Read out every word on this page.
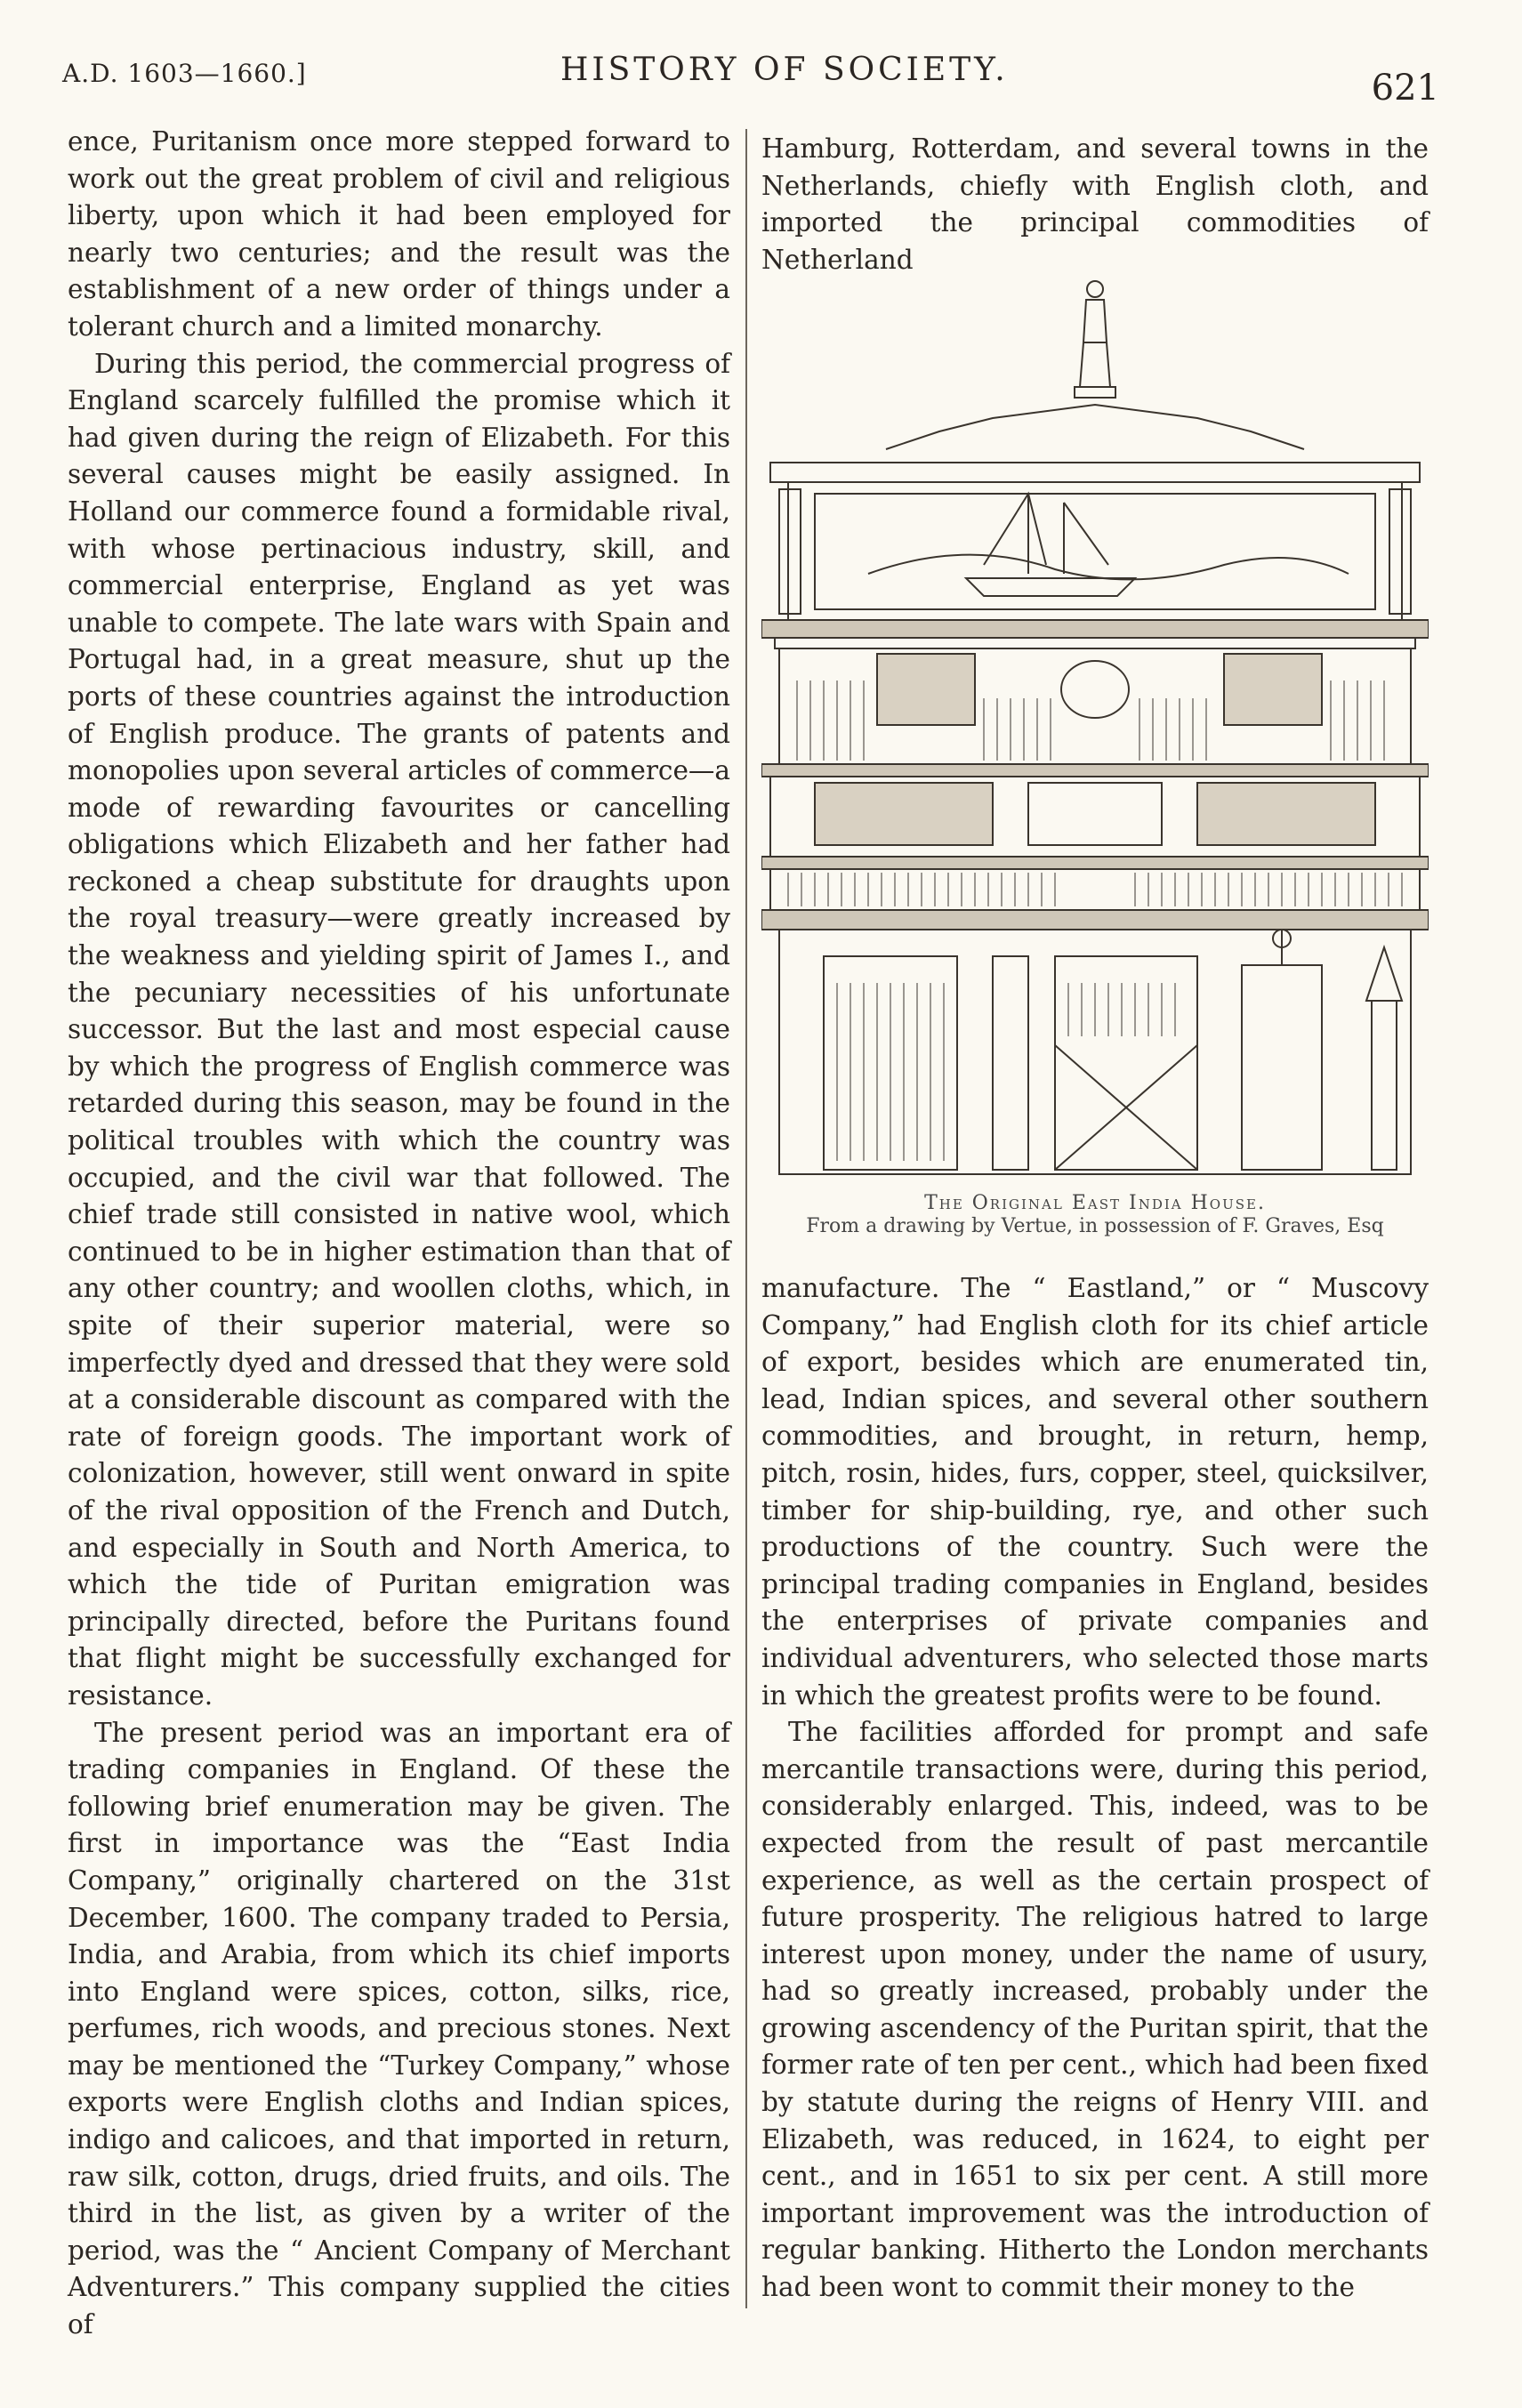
A.D. 1603—1660.]	HISTORY OF SOCIETY.	621

ence, Puritanism once more stepped forward to work out the great problem of civil and religious liberty, upon which it had been employed for nearly two centuries; and the result was the establishment of a new order of things under a tolerant church and a limited monarchy.

During this period, the commercial progress of England scarcely fulfilled the promise which it had given during the reign of Elizabeth. For this several causes might be easily assigned. In Holland our commerce found a formidable rival, with whose pertinacious industry, skill, and commercial enterprise, England as yet was unable to compete. The late wars with Spain and Portugal had, in a great measure, shut up the ports of these countries against the introduction of English produce. The grants of patents and monopolies upon several articles of commerce—a mode of rewarding favourites or cancelling obligations which Elizabeth and her father had reckoned a cheap substitute for draughts upon the royal treasury—were greatly increased by the weakness and yielding spirit of James I., and the pecuniary necessities of his unfortunate successor. But the last and most especial cause by which the progress of English commerce was retarded during this season, may be found in the political troubles with which the country was occupied, and the civil war that followed. The chief trade still consisted in native wool, which continued to be in higher estimation than that of any other country; and woollen cloths, which, in spite of their superior material, were so imperfectly dyed and dressed that they were sold at a considerable discount as compared with the rate of foreign goods. The important work of colonization, however, still went onward in spite of the rival opposition of the French and Dutch, and especially in South and North America, to which the tide of Puritan emigration was principally directed, before the Puritans found that flight might be successfully exchanged for resistance.

The present period was an important era of trading companies in England. Of these the following brief enumeration may be given. The first in importance was the “East India Company,” originally chartered on the 31st December, 1600. The company traded to Persia, India, and Arabia, from which its chief imports into England were spices, cotton, silks, rice, perfumes, rich woods, and precious stones. Next may be mentioned the “Turkey Company,” whose exports were English cloths and Indian spices, indigo and calicoes, and that imported in return, raw silk, cotton, drugs, dried fruits, and oils. The third in the list, as given by a writer of the period, was the “ Ancient Company of Merchant Adventurers.” This company supplied the cities of

Hamburg, Rotterdam, and several towns in the Netherlands, chiefly with English cloth, and imported the principal commodities of Netherland

The Original East India House.
From a drawing by Vertue, in possession of F. Graves, Esq

manufacture. The “ Eastland,” or “ Muscovy Company,” had English cloth for its chief article of export, besides which are enumerated tin, lead, Indian spices, and several other southern commodities, and brought, in return, hemp, pitch, rosin, hides, furs, copper, steel, quicksilver, timber for ship-building, rye, and other such productions of the country. Such were the principal trading companies in England, besides the enterprises of private companies and individual adventurers, who selected those marts in which the greatest profits were to be found.

The facilities afforded for prompt and safe mercantile transactions were, during this period, considerably enlarged. This, indeed, was to be expected from the result of past mercantile experience, as well as the certain prospect of future prosperity. The religious hatred to large interest upon money, under the name of usury, had so greatly increased, probably under the growing ascendency of the Puritan spirit, that the former rate of ten per cent., which had been fixed by statute during the reigns of Henry VIII. and Elizabeth, was reduced, in 1624, to eight per cent., and in 1651 to six per cent. A still more important improvement was the introduction of regular banking. Hitherto the London merchants had been wont to commit their money to the
